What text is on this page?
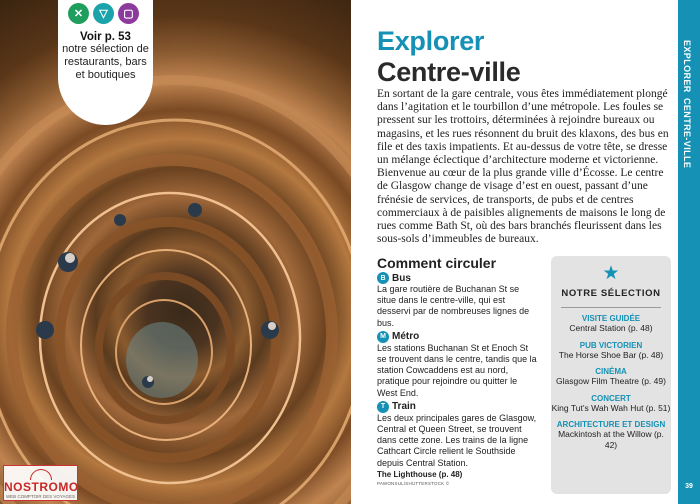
✕	▽	▢
Voir p. 53
notre sélection de restaurants, bars et boutiques
NOSTROMO
WEB COMPTOIR DES VOYAGES
Explorer
Centre-ville

En sortant de la gare centrale, vous êtes immédiatement plongé dans l’agitation et le tourbillon d’une métropole. Les foules se pressent sur les trottoirs, déterminées à rejoindre bureaux ou magasins, et les rues résonnent du bruit des klaxons, des bus en file et des taxis impatients. Et au-dessus de votre tête, se dresse un mélange éclectique d’architecture moderne et victorienne. Bienvenue au cœur de la plus grande ville d’Écosse. Le centre de Glasgow change de visage d’est en ouest, passant d’une frénésie de services, de transports, de pubs et de centres commerciaux à de paisibles alignements de maisons le long de rues comme Bath St, où des bars branchés fleurissent dans les sous-sols d’immeubles de bureaux.

Comment circuler
B Bus
La gare routière de Buchanan St se situe dans le centre-ville, qui est desservi par de nombreuses lignes de bus.
M Métro
Les stations Buchanan St et Enoch St se trouvent dans le centre, tandis que la station Cowcaddens est au nord, pratique pour rejoindre ou quitter le West End.
T Train
Les deux principales gares de Glasgow, Central et Queen Street, se trouvent dans cette zone. Les trains de la ligne Cathcart Circle relient le Southside depuis Central Station.
The Lighthouse (p. 48)
PAWONSUL/SHUTTERSTOCK ©
★
NOTRE SÉLECTION
VISITE GUIDÉE
Central Station (p. 48)
PUB VICTORIEN
The Horse Shoe Bar (p. 48)
CINÉMA
Glasgow Film Theatre (p. 49)
CONCERT
King Tut’s Wah Wah Hut (p. 51)
ARCHITECTURE ET DESIGN
Mackintosh at the Willow (p. 42)
EXPLORER
CENTRE-VILLE
39
